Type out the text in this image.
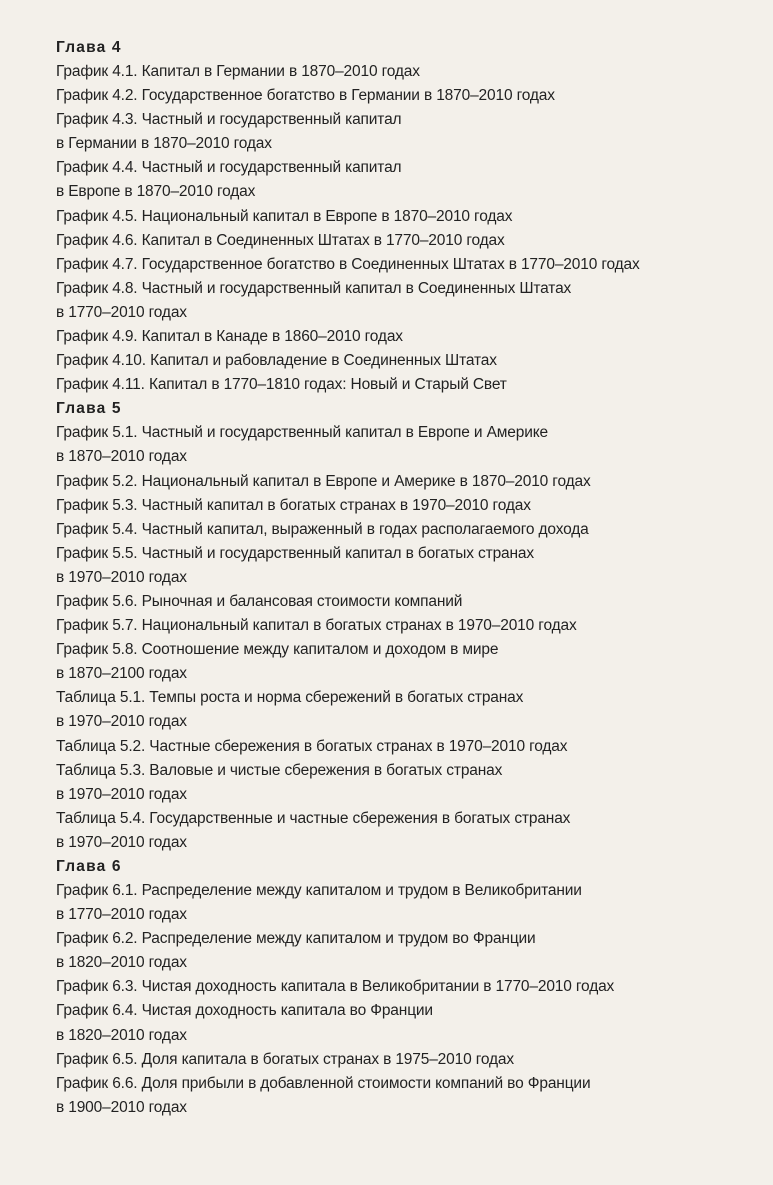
Глава 4
График 4.1. Капитал в Германии в 1870–2010 годах
График 4.2. Государственное богатство в Германии в 1870–2010 годах
График 4.3. Частный и государственный капитал
в Германии в 1870–2010 годах
График 4.4. Частный и государственный капитал
в Европе в 1870–2010 годах
График 4.5. Национальный капитал в Европе в 1870–2010 годах
График 4.6. Капитал в Соединенных Штатах в 1770–2010 годах
График 4.7. Государственное богатство в Соединенных Штатах в 1770–2010 годах
График 4.8. Частный и государственный капитал в Соединенных Штатах
в 1770–2010 годах
График 4.9. Капитал в Канаде в 1860–2010 годах
График 4.10. Капитал и рабовладение в Соединенных Штатах
График 4.11. Капитал в 1770–1810 годах: Новый и Старый Свет
Глава 5
График 5.1. Частный и государственный капитал в Европе и Америке
в 1870–2010 годах
График 5.2. Национальный капитал в Европе и Америке в 1870–2010 годах
График 5.3. Частный капитал в богатых странах в 1970–2010 годах
График 5.4. Частный капитал, выраженный в годах располагаемого дохода
График 5.5. Частный и государственный капитал в богатых странах
в 1970–2010 годах
График 5.6. Рыночная и балансовая стоимости компаний
График 5.7. Национальный капитал в богатых странах в 1970–2010 годах
График 5.8. Соотношение между капиталом и доходом в мире
в 1870–2100 годах
Таблица 5.1. Темпы роста и норма сбережений в богатых странах
в 1970–2010 годах
Таблица 5.2. Частные сбережения в богатых странах в 1970–2010 годах
Таблица 5.3. Валовые и чистые сбережения в богатых странах
в 1970–2010 годах
Таблица 5.4. Государственные и частные сбережения в богатых странах
в 1970–2010 годах
Глава 6
График 6.1. Распределение между капиталом и трудом в Великобритании
в 1770–2010 годах
График 6.2. Распределение между капиталом и трудом во Франции
в 1820–2010 годах
График 6.3. Чистая доходность капитала в Великобритании в 1770–2010 годах
График 6.4. Чистая доходность капитала во Франции
в 1820–2010 годах
График 6.5. Доля капитала в богатых странах в 1975–2010 годах
График 6.6. Доля прибыли в добавленной стоимости компаний во Франции
в 1900–2010 годах
